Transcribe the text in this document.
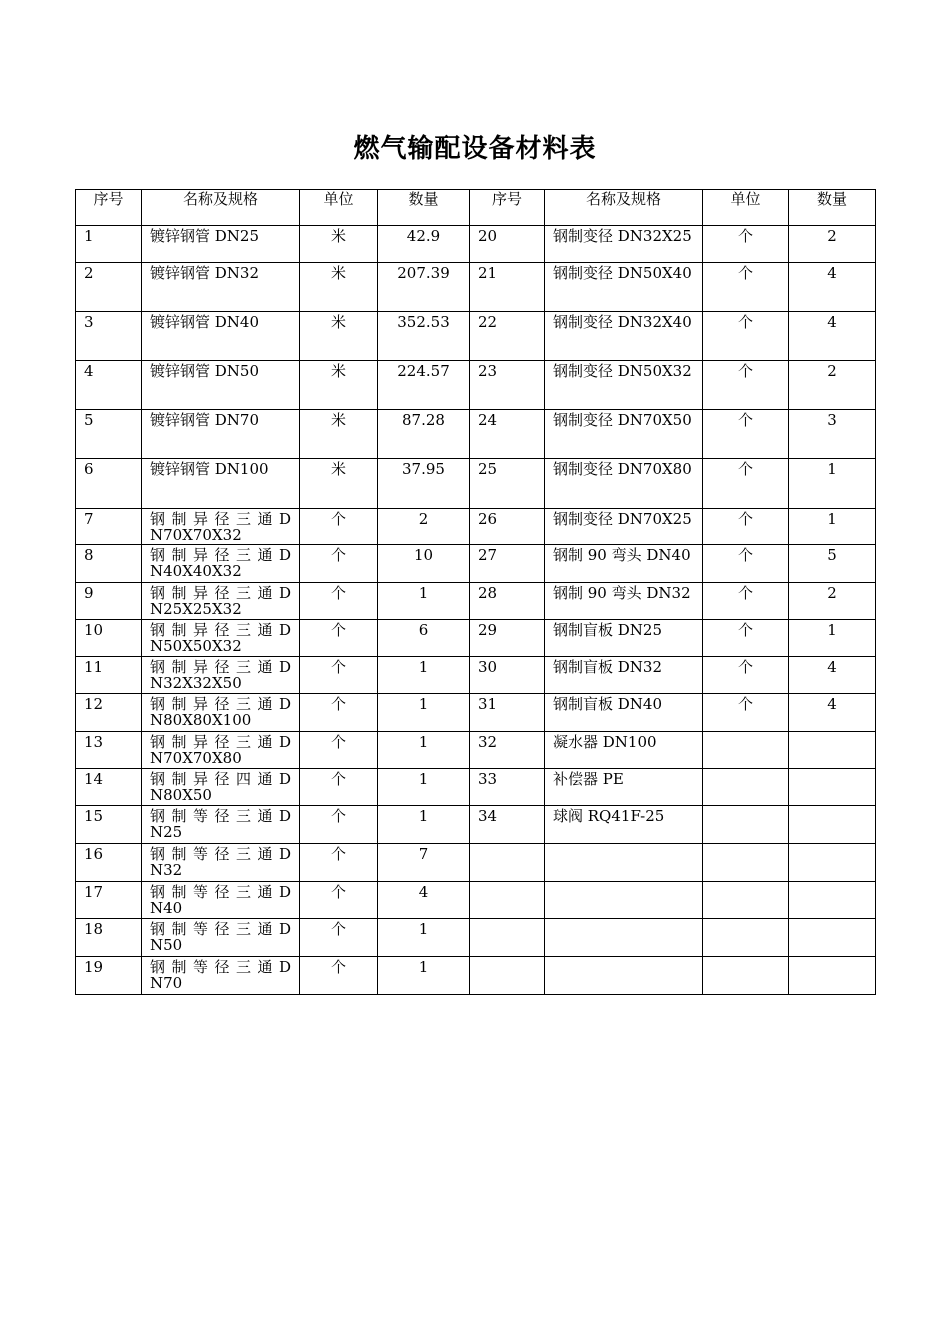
燃气输配设备材料表
序号	名称及规格	单位	数量	序号	名称及规格	单位	数量
1	镀锌钢管 DN25	米	42.9	20	钢制变径 DN32X25	个	2
2	镀锌钢管 DN32	米	207.39	21	钢制变径 DN50X40	个	4
3	镀锌钢管 DN40	米	352.53	22	钢制变径 DN32X40	个	4
4	镀锌钢管 DN50	米	224.57	23	钢制变径 DN50X32	个	2
5	镀锌钢管 DN70	米	87.28	24	钢制变径 DN70X50	个	3
6	镀锌钢管 DN100	米	37.95	25	钢制变径 DN70X80	个	1
7	钢 制 异 径 三 通 DN70X70X32	个	2	26	钢制变径 DN70X25	个	1
8	钢 制 异 径 三 通 DN40X40X32	个	10	27	钢制 90 弯头 DN40	个	5
9	钢 制 异 径 三 通 DN25X25X32	个	1	28	钢制 90 弯头 DN32	个	2
10	钢 制 异 径 三 通 DN50X50X32	个	6	29	钢制盲板 DN25	个	1
11	钢 制 异 径 三 通 DN32X32X50	个	1	30	钢制盲板 DN32	个	4
12	钢 制 异 径 三 通 DN80X80X100	个	1	31	钢制盲板 DN40	个	4
13	钢 制 异 径 三 通 DN70X70X80	个	1	32	凝水器 DN100		
14	钢 制 异 径 四 通 DN80X50	个	1	33	补偿器 PE		
15	钢 制 等 径 三 通 DN25	个	1	34	球阀 RQ41F-25		
16	钢 制 等 径 三 通 DN32	个	7				
17	钢 制 等 径 三 通 DN40	个	4				
18	钢 制 等 径 三 通 DN50	个	1				
19	钢 制 等 径 三 通 DN70	个	1				
